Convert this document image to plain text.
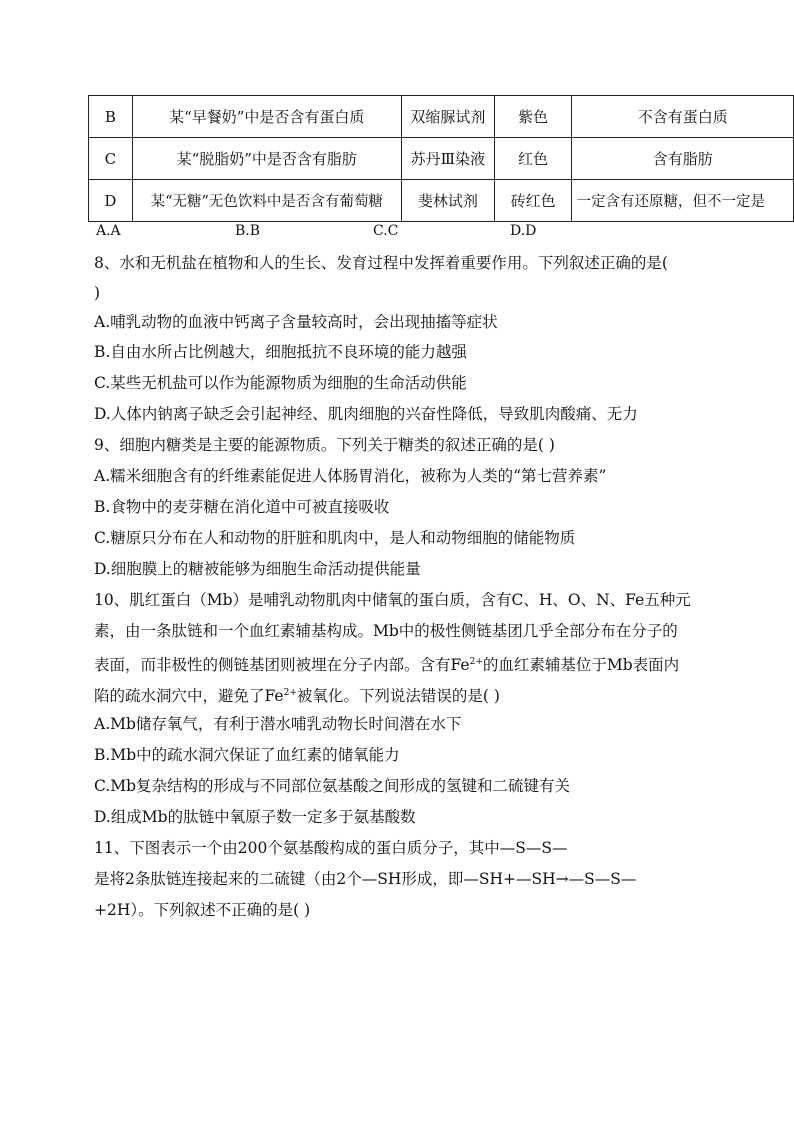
B	某“早餐奶”中是否含有蛋白质	双缩脲试剂	紫色	不含有蛋白质
C	某“脱脂奶”中是否含有脂肪	苏丹Ⅲ染液	红色	含有脂肪
D	某“无糖”无色饮料中是否含有葡萄糖	斐林试剂	砖红色	一定含有还原糖，但不一定是
A.A	B.B	C.C	D.D
8、水和无机盐在植物和人的生长、发育过程中发挥着重要作用。下列叙述正确的是(
)
A.哺乳动物的血液中钙离子含量较高时，会出现抽搐等症状
B.自由水所占比例越大，细胞抵抗不良环境的能力越强
C.某些无机盐可以作为能源物质为细胞的生命活动供能
D.人体内钠离子缺乏会引起神经、肌肉细胞的兴奋性降低，导致肌肉酸痛、无力
9、细胞内糖类是主要的能源物质。下列关于糖类的叙述正确的是( )
A.糯米细胞含有的纤维素能促进人体肠胃消化，被称为人类的“第七营养素”
B.食物中的麦芽糖在消化道中可被直接吸收
C.糖原只分布在人和动物的肝脏和肌肉中，是人和动物细胞的储能物质
D.细胞膜上的糖被能够为细胞生命活动提供能量
10、肌红蛋白（Mb）是哺乳动物肌肉中储氧的蛋白质，含有C、H、O、N、Fe五种元
素，由一条肽链和一个血红素辅基构成。Mb中的极性侧链基团几乎全部分布在分子的
表面，而非极性的侧链基团则被埋在分子内部。含有$Fe^{2+}$的血红素辅基位于Mb表面内
陷的疏水洞穴中，避免了$Fe^{2+}$被氧化。下列说法错误的是( )
A.Mb储存氧气，有利于潜水哺乳动物长时间潜在水下
B.Mb中的疏水洞穴保证了血红素的储氧能力
C.Mb复杂结构的形成与不同部位氨基酸之间形成的氢键和二硫键有关
D.组成Mb的肽链中氧原子数一定多于氨基酸数
11、下图表示一个由200个氨基酸构成的蛋白质分子，其中—S—S—
是将2条肽链连接起来的二硫键（由2个—SH形成，即—SH+—SH→—S—S—
+2H）。下列叙述不正确的是( )
